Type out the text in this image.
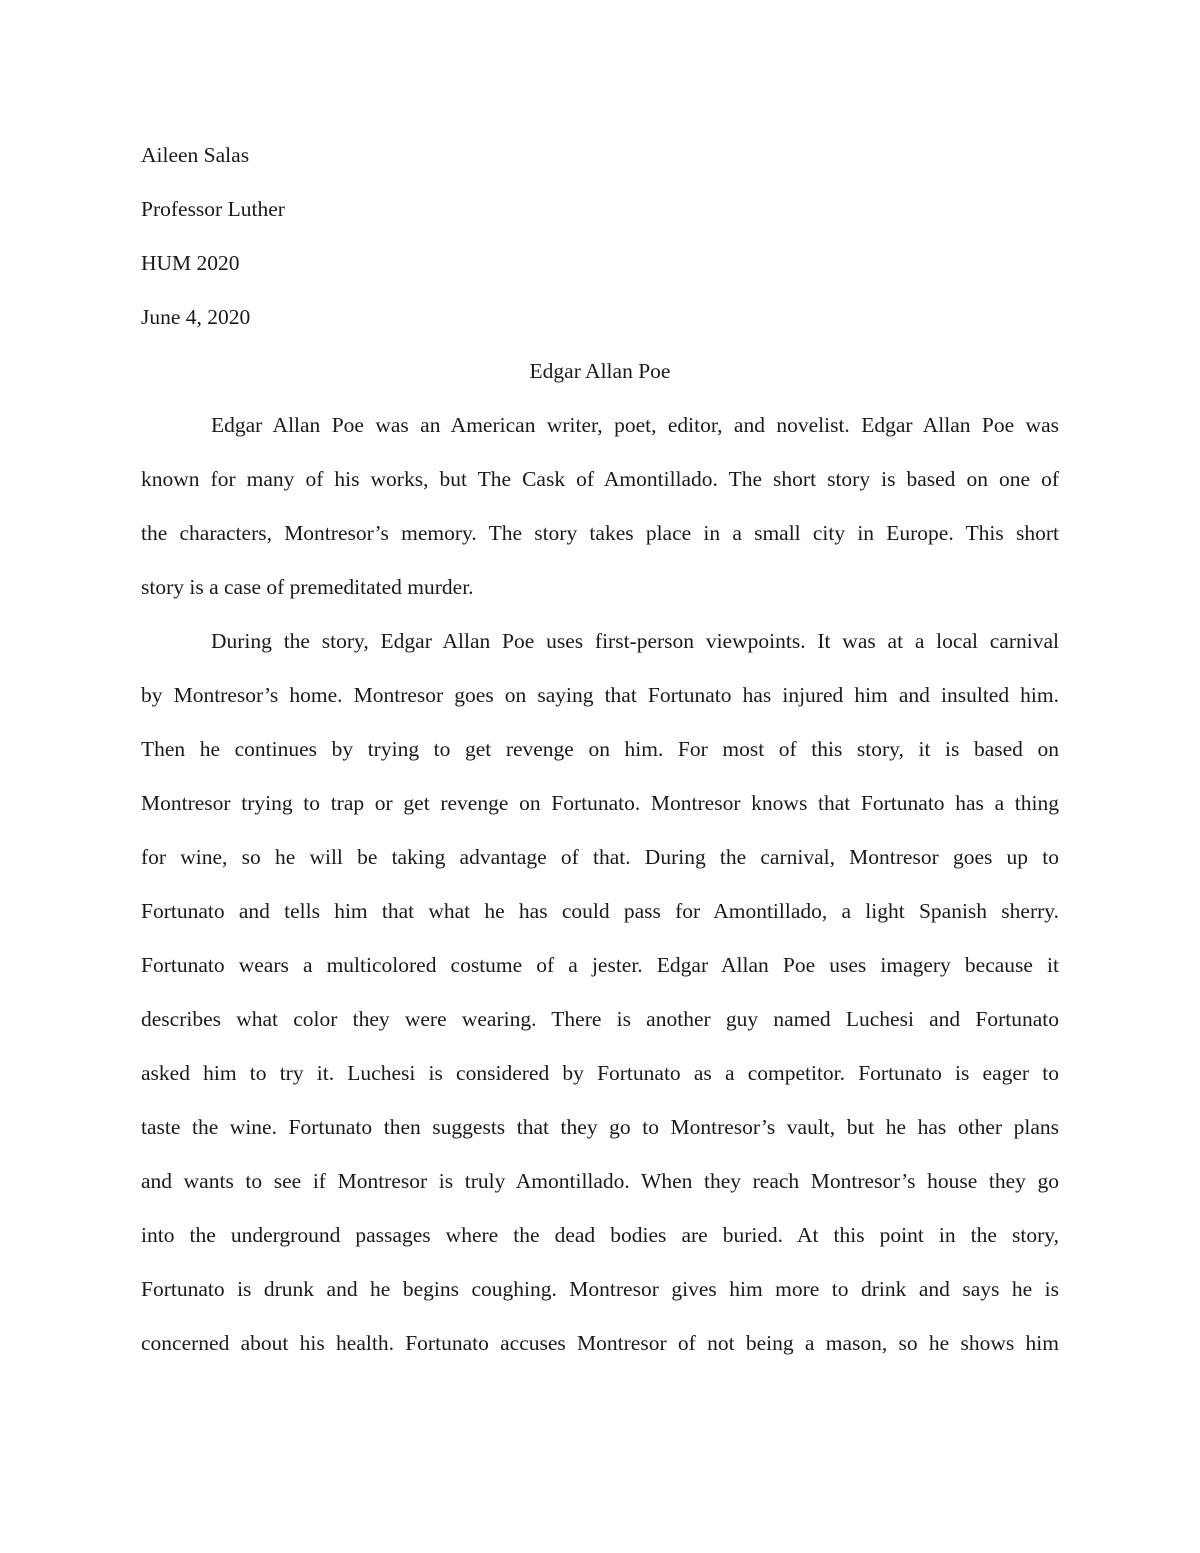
Aileen Salas
Professor Luther
HUM 2020
June 4, 2020
Edgar Allan Poe
Edgar Allan Poe was an American writer, poet, editor, and novelist. Edgar Allan Poe was
known for many of his works, but The Cask of Amontillado. The short story is based on one of
the characters, Montresor’s memory. The story takes place in a small city in Europe. This short
story is a case of premeditated murder.
During the story, Edgar Allan Poe uses first-person viewpoints. It was at a local carnival
by Montresor’s home. Montresor goes on saying that Fortunato has injured him and insulted him.
Then he continues by trying to get revenge on him. For most of this story, it is based on
Montresor trying to trap or get revenge on Fortunato. Montresor knows that Fortunato has a thing
for wine, so he will be taking advantage of that. During the carnival, Montresor goes up to
Fortunato and tells him that what he has could pass for Amontillado, a light Spanish sherry.
Fortunato wears a multicolored costume of a jester. Edgar Allan Poe uses imagery because it
describes what color they were wearing. There is another guy named Luchesi and Fortunato
asked him to try it. Luchesi is considered by Fortunato as a competitor. Fortunato is eager to
taste the wine. Fortunato then suggests that they go to Montresor’s vault, but he has other plans
and wants to see if Montresor is truly Amontillado. When they reach Montresor’s house they go
into the underground passages where the dead bodies are buried. At this point in the story,
Fortunato is drunk and he begins coughing. Montresor gives him more to drink and says he is
concerned about his health. Fortunato accuses Montresor of not being a mason, so he shows him
